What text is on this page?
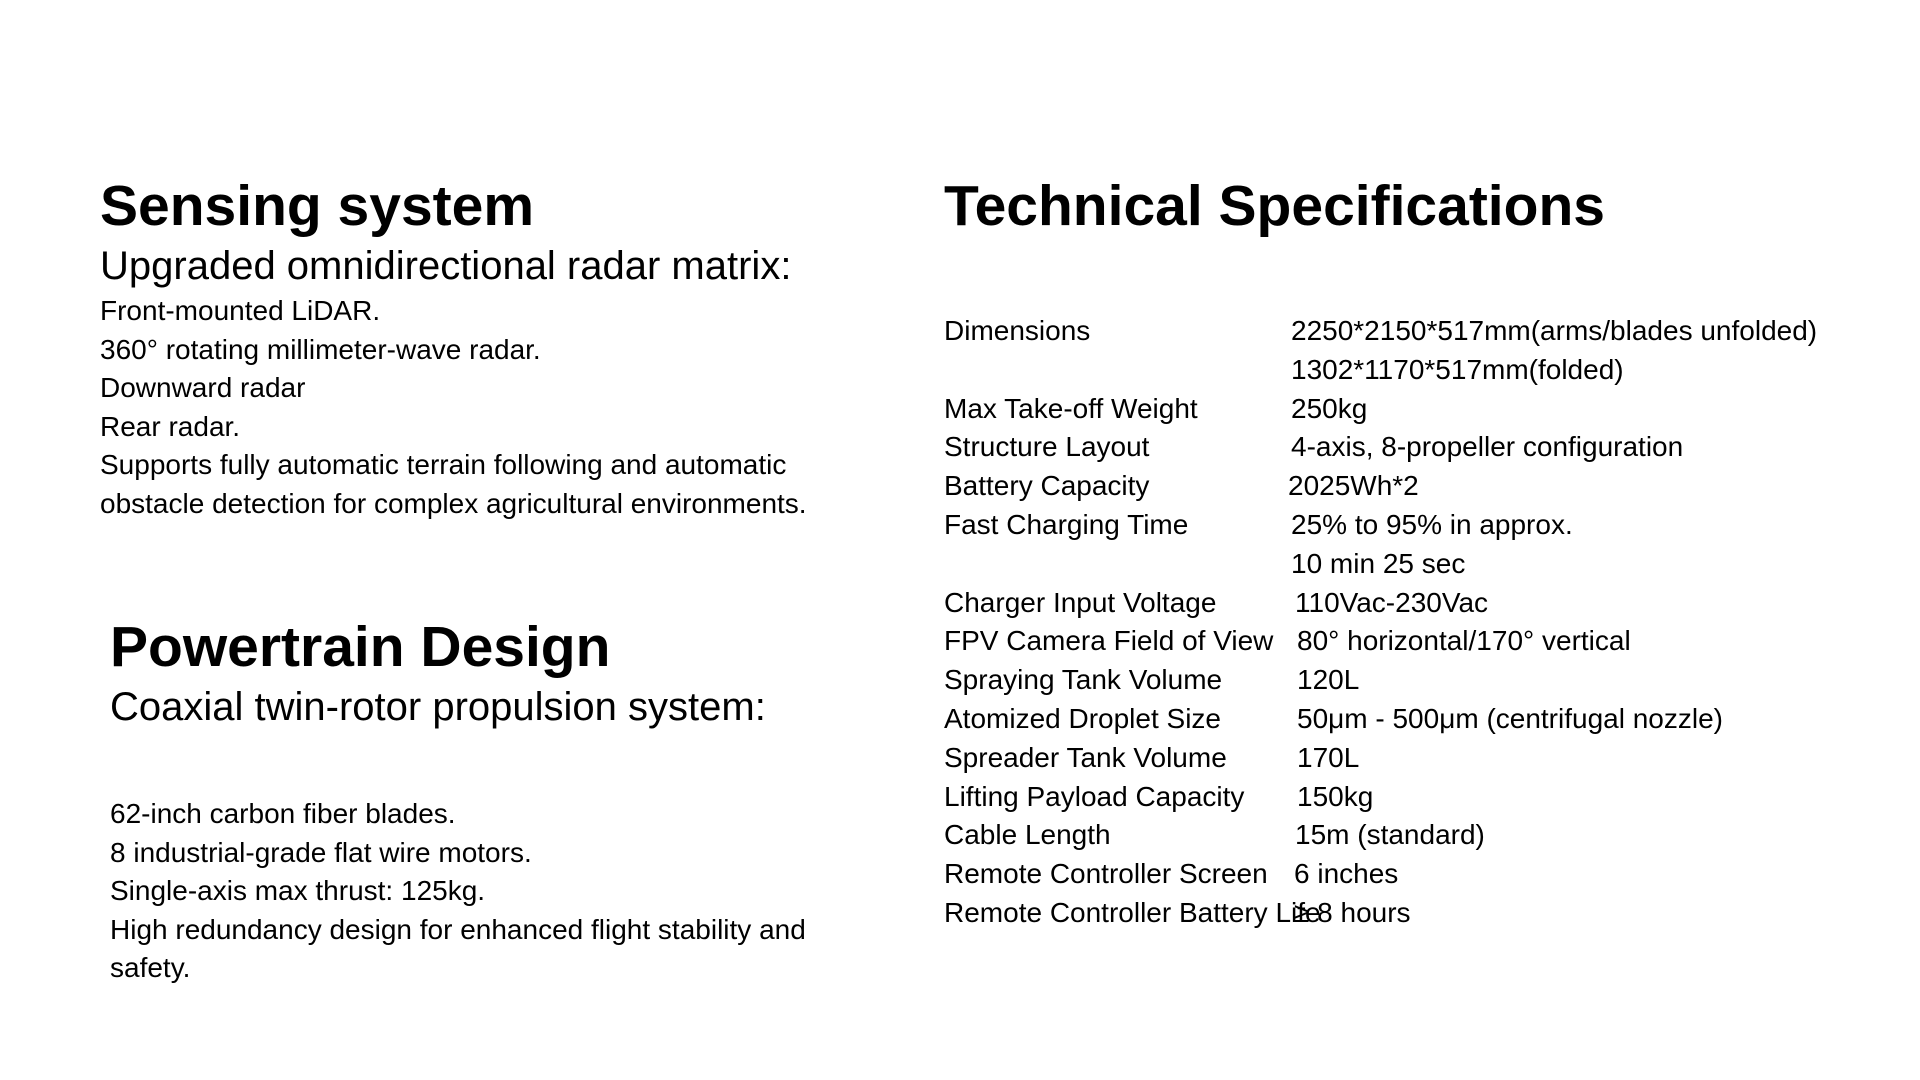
Sensing system

Upgraded omnidirectional radar matrix:

Front-mounted LiDAR.

360° rotating millimeter-wave radar.

Downward radar

Rear radar.

Supports fully automatic terrain following and automatic

obstacle detection for complex agricultural environments.

Powertrain Design

Coaxial twin-rotor propulsion system:

62-inch carbon fiber blades.

8 industrial-grade flat wire motors.

Single-axis max thrust: 125kg.

High redundancy design for enhanced flight stability and

safety.

Technical Specifications
Dimensions	2250*2150*517mm(arms/blades unfolded)
1302*1170*517mm(folded)
Max Take-off Weight	250kg
Structure Layout	4-axis, 8-propeller configuration
Battery Capacity	2025Wh*2
Fast Charging Time	25% to 95% in approx.
10 min 25 sec
Charger Input Voltage	110Vac-230Vac
FPV Camera Field of View 80° horizontal/170° vertical
Spraying Tank Volume	120L
Atomized Droplet Size	50μm - 500μm (centrifugal nozzle)
Spreader Tank Volume	170L
Lifting Payload Capacity 150kg
Cable Length	15m (standard)
Remote Controller Screen 6 inches
Remote Controller Battery Life
≥ 8 hours
